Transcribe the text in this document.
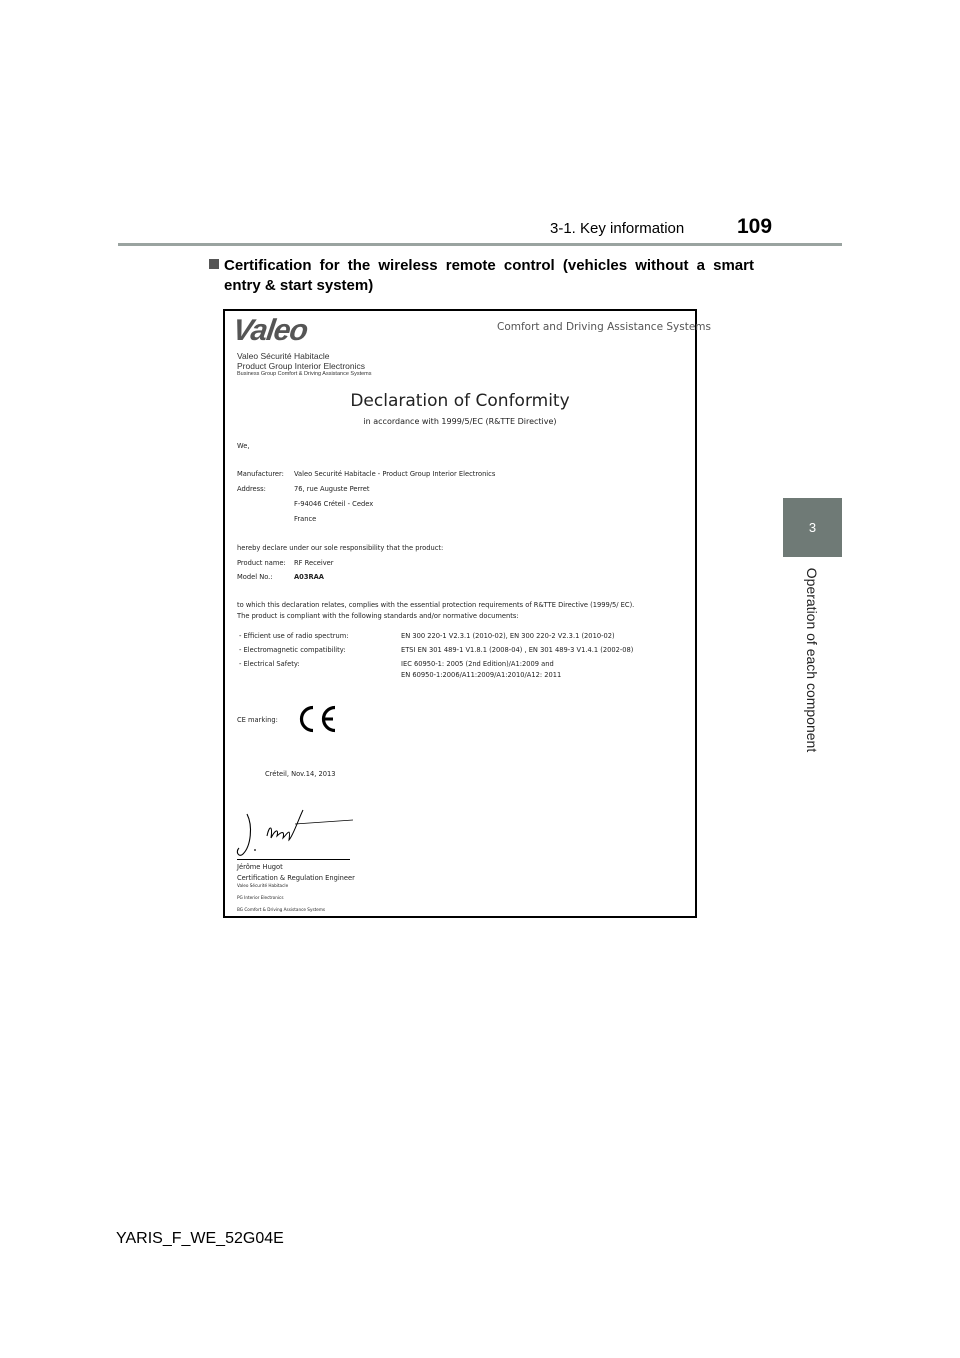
3-1. Key information	109
3
Operation of each component
Certification for the wireless remote control (vehicles without a smart
entry & start system)
Valeo	Comfort and Driving Assistance Systems
Valeo Sécurité Habitacle
Product Group Interior Electronics
Business Group Comfort & Driving Assistance Systems
Declaration of Conformity
in accordance with 1999/5/EC (R&TTE Directive)
We,
Manufacturer: Valeo Securité Habitacle - Product Group Interior Electronics
Address:	76, rue Auguste Perret
F-94046 Créteil - Cedex
France
hereby declare under our sole responsibility that the product:
Product name: RF Receiver
Model No.:	A03RAA
to which this declaration relates, complies with the essential protection requirements of R&TTE Directive (1999/5/ EC).
The product is compliant with the following standards and/or normative documents:
- Efficient use of radio spectrum:	EN 300 220-1 V2.3.1 (2010-02), EN 300 220-2 V2.3.1 (2010-02)
- Electromagnetic compatibility:	ETSI EN 301 489-1 V1.8.1 (2008-04) , EN 301 489-3 V1.4.1 (2002-08)
- Electrical Safety:	IEC 60950-1: 2005 (2nd Edition)/A1:2009 and
EN 60950-1:2006/A11:2009/A1:2010/A12: 2011
CE marking:
Créteil, Nov.14, 2013
Jérôme Hugot
Certification & Regulation Engineer
Valeo Sécurité Habitacle
PG Interior Electronics
BG Comfort & Driving Assistance Systems
YARIS_F_WE_52G04E
